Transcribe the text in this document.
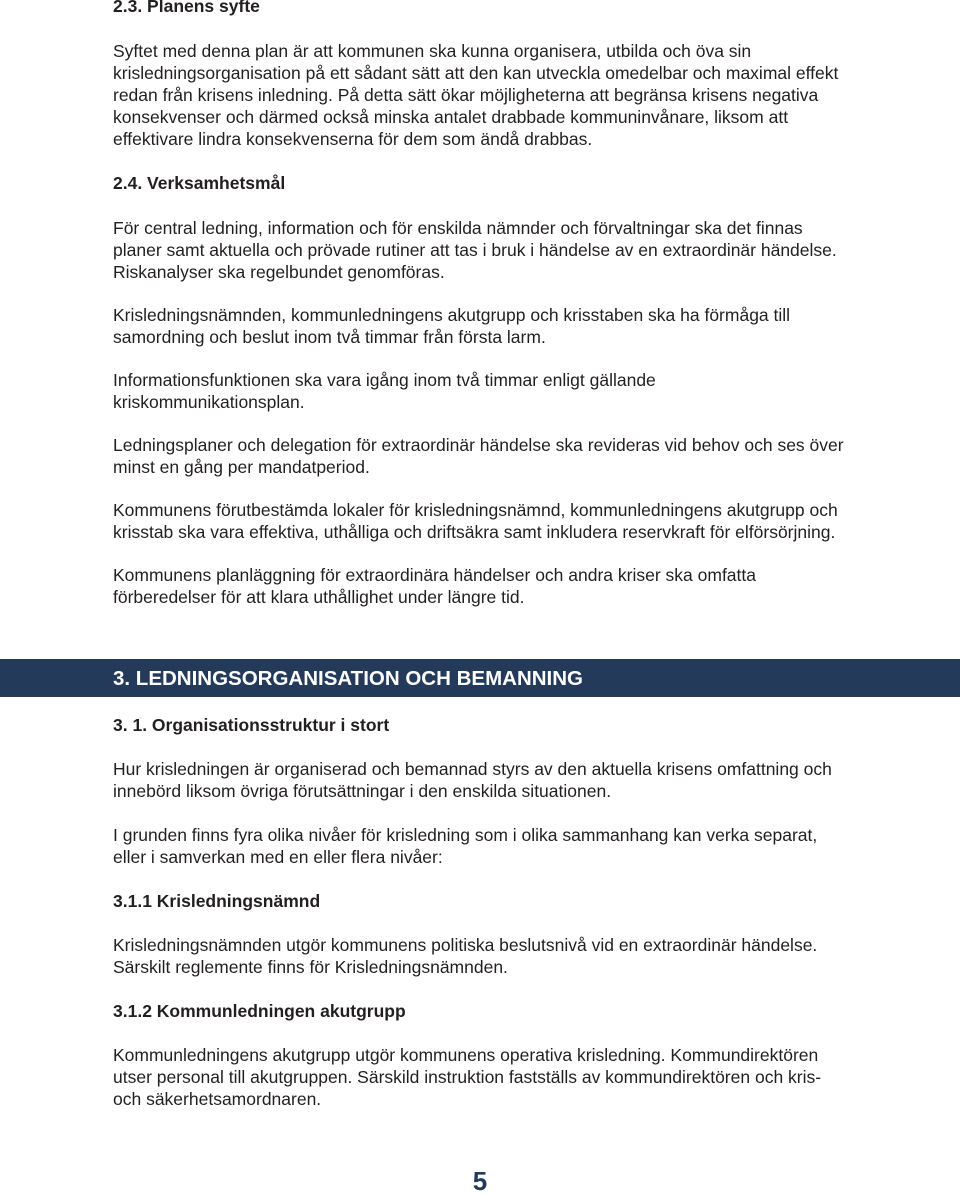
2.3. Planens syfte

Syftet med denna plan är att kommunen ska kunna organisera, utbilda och öva sin krisledningsorganisation på ett sådant sätt att den kan utveckla omedelbar och maximal effekt redan från krisens inledning. På detta sätt ökar möjligheterna att begränsa krisens negativa konsekvenser och därmed också minska antalet drabbade kommuninvånare, liksom att effektivare lindra konsekvenserna för dem som ändå drabbas.

2.4. Verksamhetsmål

För central ledning, information och för enskilda nämnder och förvaltningar ska det finnas planer samt aktuella och prövade rutiner att tas i bruk i händelse av en extraordinär händelse. Riskanalyser ska regelbundet genomföras.

Krisledningsnämnden, kommunledningens akutgrupp och krisstaben ska ha förmåga till samordning och beslut inom två timmar från första larm.

Informationsfunktionen ska vara igång inom två timmar enligt gällande kriskommunikationsplan.

Ledningsplaner och delegation för extraordinär händelse ska revideras vid behov och ses över minst en gång per mandatperiod.

Kommunens förutbestämda lokaler för krisledningsnämnd, kommunledningens akutgrupp och krisstab ska vara effektiva, uthålliga och driftsäkra samt inkludera reservkraft för elförsörjning.

Kommunens planläggning för extraordinära händelser och andra kriser ska omfatta förberedelser för att klara uthållighet under längre tid.

3. LEDNINGSORGANISATION OCH BEMANNING
3. 1. Organisationsstruktur i stort

Hur krisledningen är organiserad och bemannad styrs av den aktuella krisens omfattning och innebörd liksom övriga förutsättningar i den enskilda situationen.

I grunden finns fyra olika nivåer för krisledning som i olika sammanhang kan verka separat, eller i samverkan med en eller flera nivåer:

3.1.1 Krisledningsnämnd

Krisledningsnämnden utgör kommunens politiska beslutsnivå vid en extraordinär händelse. Särskilt reglemente finns för Krisledningsnämnden.

3.1.2 Kommunledningen akutgrupp

Kommunledningens akutgrupp utgör kommunens operativa krisledning. Kommundirektören utser personal till akutgruppen. Särskild instruktion fastställs av kommundirektören och kris- och säkerhetsamordnaren.

5
